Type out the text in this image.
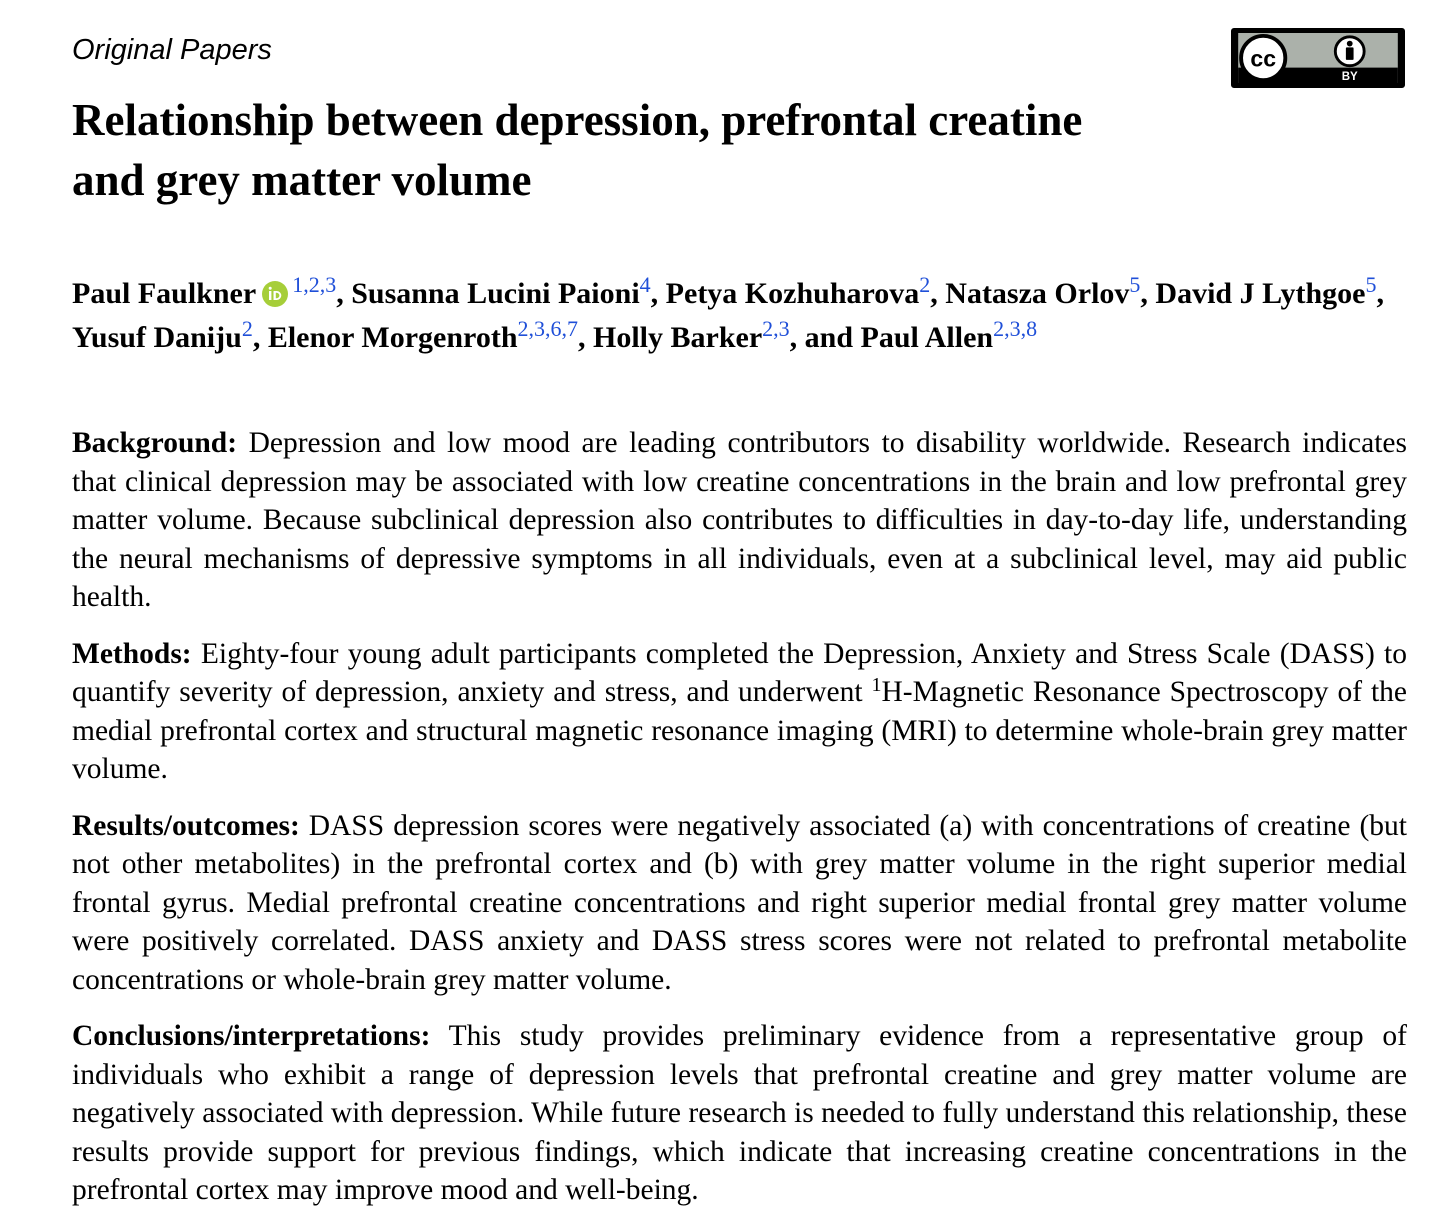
Original Papers	cc
BY
Relationship between depression, prefrontal creatine
and grey matter volume

Paul Faulkner $^{1,2,3}$, Susanna Lucini Paioni$^4$, Petya Kozhuharova$^2$, Natasza Orlov$^5$, David J Lythgoe$^5$, Yusuf Daniju$^2$, Elenor Morgenroth$^{2,3,6,7}$, Holly Barker$^{2,3}$, and Paul Allen$^{2,3,8}$

Background: Depression and low mood are leading contributors to disability worldwide. Research indicates that clinical depression may be associated with low creatine concentrations in the brain and low prefrontal grey matter volume. Because subclinical depression also contributes to difficulties in day-to-day life, understanding the neural mechanisms of depressive symptoms in all individuals, even at a subclinical level, may aid public health.

Methods: Eighty-four young adult participants completed the Depression, Anxiety and Stress Scale (DASS) to quantify severity of depression, anxiety and stress, and underwent $^1$H-Magnetic Resonance Spectroscopy of the medial prefrontal cortex and structural magnetic resonance imaging (MRI) to determine whole-brain grey matter volume.

Results/outcomes: DASS depression scores were negatively associated (a) with concentrations of creatine (but not other metabolites) in the prefrontal cortex and (b) with grey matter volume in the right superior medial frontal gyrus. Medial prefrontal creatine concentrations and right superior medial frontal grey matter volume were positively correlated. DASS anxiety and DASS stress scores were not related to prefrontal metabolite concentrations or whole-brain grey matter volume.

Conclusions/interpretations: This study provides preliminary evidence from a representative group of individuals who exhibit a range of depression levels that prefrontal creatine and grey matter volume are negatively associated with depression. While future research is needed to fully understand this relationship, these results provide support for previous findings, which indicate that increasing creatine concentrations in the prefrontal cortex may improve mood and well-being.
